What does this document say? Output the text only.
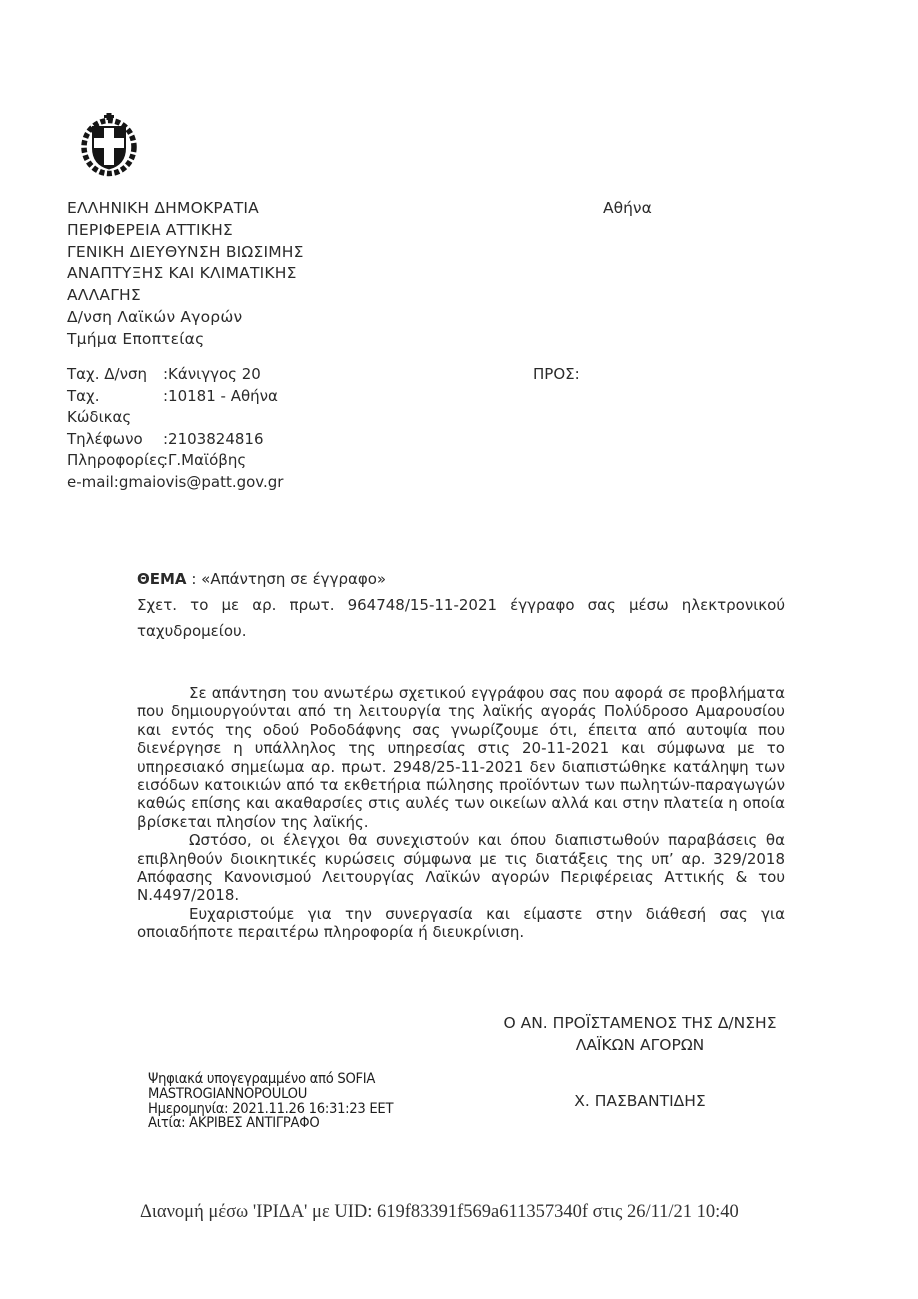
ΕΛΛΗΝΙΚΗ ΔΗΜΟΚΡΑΤΙΑ
ΠΕΡΙΦΕΡΕΙΑ ΑΤΤΙΚΗΣ
ΓΕΝΙΚΗ ΔΙΕΥΘΥΝΣΗ ΒΙΩΣΙΜΗΣ
ΑΝΑΠΤΥΞΗΣ ΚΑΙ ΚΛΙΜΑΤΙΚΗΣ
ΑΛΛΑΓΗΣ
Δ/νση Λαϊκών Αγορών
Τμήμα Εποπτείας
Αθήνα
Ταχ. Δ/νση	:Κάνιγγος 20
Ταχ. Κώδικας
:10181 - Αθήνα
Τηλέφωνο	:2103824816
Πληροφορίες
:Γ.Μαϊόβης
e-mail:gmaiovis@patt.gov.gr
ΠΡΟΣ:
ΘΕΜΑ : «Απάντηση σε έγγραφο»
Σχετ. το με αρ. πρωτ. 964748/15-11-2021 έγγραφο σας μέσω ηλεκτρονικού ταχυδρομείου.

Σε απάντηση του ανωτέρω σχετικού εγγράφου σας που αφορά σε προβλήματα που δημιουργούνται από τη λειτουργία της λαϊκής αγοράς Πολύδροσο Αμαρουσίου και εντός της οδού Ροδοδάφνης σας γνωρίζουμε ότι, έπειτα από αυτοψία που διενέργησε η υπάλληλος της υπηρεσίας στις 20-11-2021 και σύμφωνα με το υπηρεσιακό σημείωμα αρ. πρωτ. 2948/25-11-2021 δεν διαπιστώθηκε κατάληψη των εισόδων κατοικιών από τα εκθετήρια πώλησης προϊόντων των πωλητών-παραγωγών καθώς επίσης και ακαθαρσίες στις αυλές των οικείων αλλά και στην πλατεία η οποία βρίσκεται πλησίον της λαϊκής.

Ωστόσο, οι έλεγχοι θα συνεχιστούν και όπου διαπιστωθούν παραβάσεις θα επιβληθούν διοικητικές κυρώσεις σύμφωνα με τις διατάξεις της υπ’ αρ. 329/2018 Απόφασης Κανονισμού Λειτουργίας Λαϊκών αγορών Περιφέρειας Αττικής & του Ν.4497/2018.

Ευχαριστούμε για την συνεργασία και είμαστε στην διάθεσή σας για οποιαδήποτε περαιτέρω πληροφορία ή διευκρίνιση.

Ο ΑΝ. ΠΡΟΪΣΤΑΜΕΝΟΣ ΤΗΣ Δ/ΝΣΗΣ
ΛΑΪΚΩΝ ΑΓΟΡΩΝ
Ψηφιακά υπογεγραμμένο από SOFIA
MASTROGIANNOPOULOU
Ημερομηνία: 2021.11.26 16:31:23 EET
Αιτία: ΑΚΡΙΒΕΣ ΑΝΤΙΓΡΑΦΟ
Χ. ΠΑΣΒΑΝΤΙΔΗΣ
Διανομή μέσω 'ΙΡΙΔΑ' με UID: 619f83391f569a611357340f στις 26/11/21 10:40
